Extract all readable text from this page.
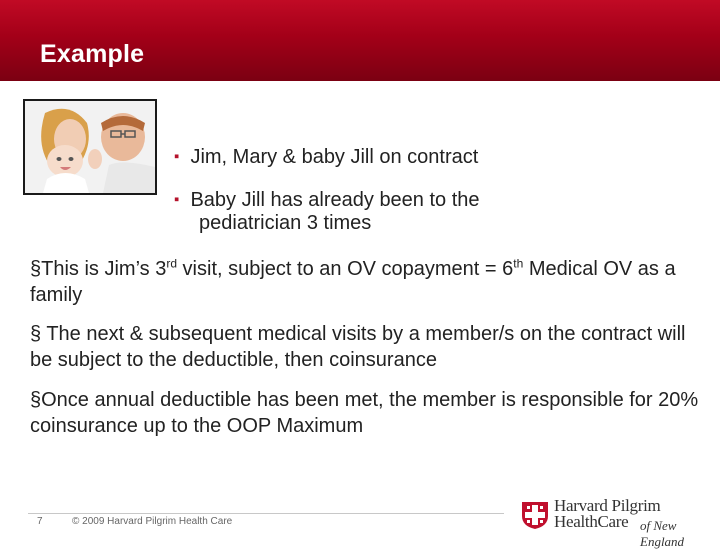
Example
▪ Jim, Mary & baby Jill on contract
▪ Baby Jill has already been to the
pediatrician 3 times
§This is Jim’s 3rd visit, subject to an OV copayment = 6th Medical OV as a family
§ The next & subsequent medical visits by a member/s on the contract will be subject to the deductible, then coinsurance
§Once annual deductible has been met, the member is responsible for 20% coinsurance up to the OOP Maximum
7	© 2009 Harvard Pilgrim Health Care
Harvard Pilgrim
HealthCare of New England
